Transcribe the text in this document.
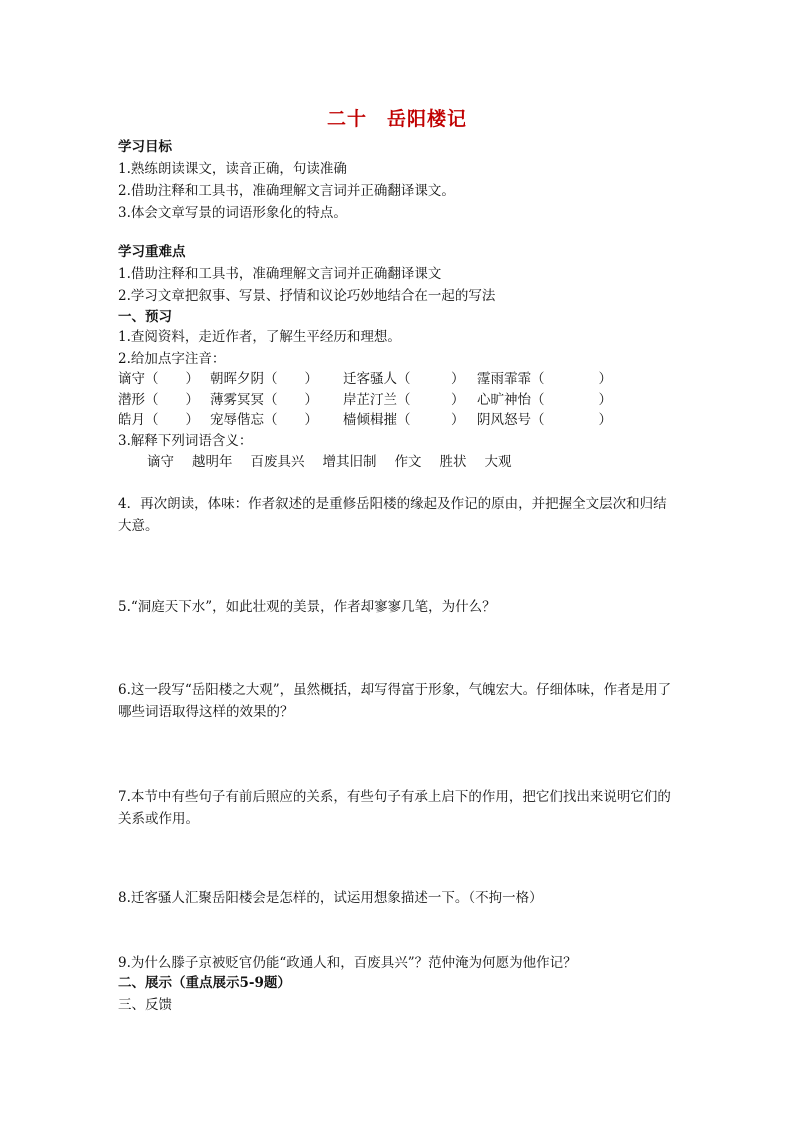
二十　岳阳楼记
学习目标
1.熟练朗读课文，读音正确，句读准确
2.借助注释和工具书，准确理解文言词并正确翻译课文。
3.体会文章写景的词语形象化的特点。
学习重难点
1.借助注释和工具书，准确理解文言词并正确翻译课文
2.学习文章把叙事、写景、抒情和议论巧妙地结合在一起的写法
一、预习
1.查阅资料，走近作者，了解生平经历和理想。
2.给加点字注音：
谪守（　　） 朝晖夕阴（　　） 迁客骚人（　　　） 霪雨霏霏（　　　　）
潜形（　　） 薄雾冥冥（　　） 岸芷汀兰（　　　） 心旷神怡（　　　　）
皓月（　　） 宠辱偕忘（　　） 樯倾楫摧（　　　） 阴风怒号（　　　　）
3.解释下列词语含义：
谪守 越明年 百废具兴 增其旧制 作文 胜状 大观
4．再次朗读，体味：作者叙述的是重修岳阳楼的缘起及作记的原由，并把握全文层次和归结大意。
5.“洞庭天下水”，如此壮观的美景，作者却寥寥几笔，为什么？
6.这一段写“岳阳楼之大观”，虽然概括，却写得富于形象，气魄宏大。仔细体味，作者是用了哪些词语取得这样的效果的？
7.本节中有些句子有前后照应的关系，有些句子有承上启下的作用，把它们找出来说明它们的关系或作用。
8.迁客骚人汇聚岳阳楼会是怎样的，试运用想象描述一下。（不拘一格）
9.为什么滕子京被贬官仍能“政通人和，百废具兴”？范仲淹为何愿为他作记？
二、展示（重点展示5-9题）
三、反馈
